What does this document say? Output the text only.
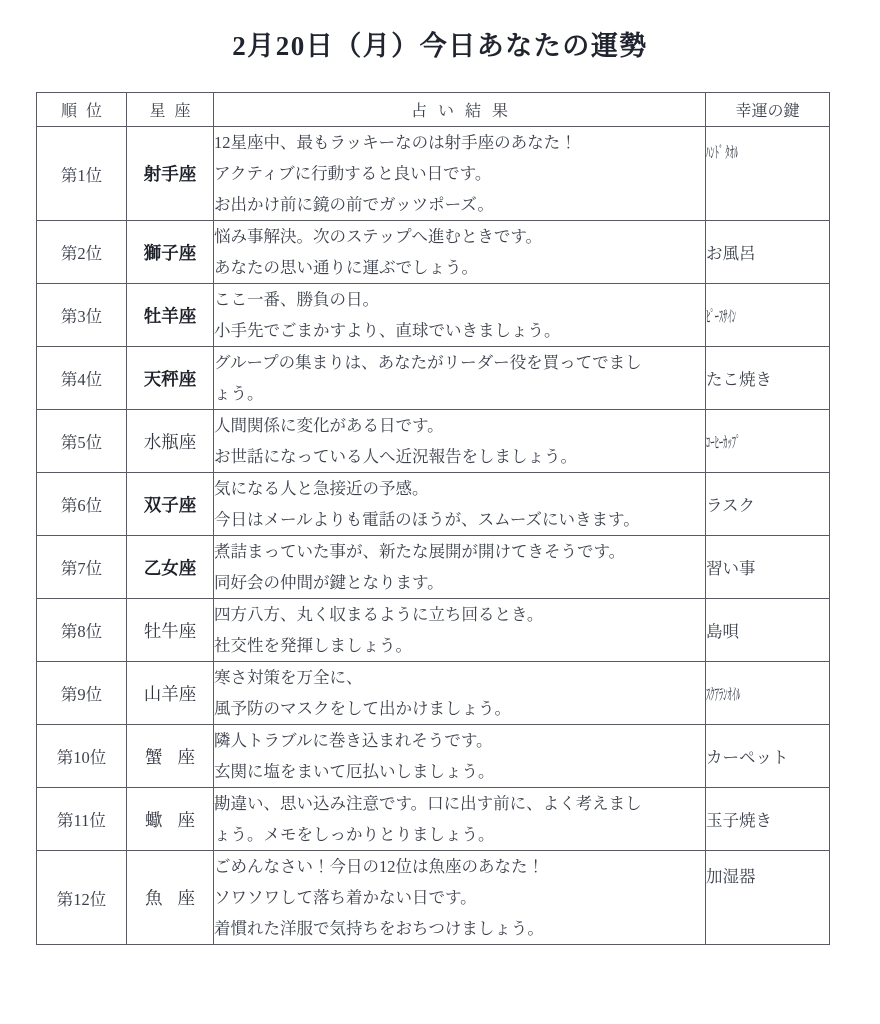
2月20日（月）今日あなたの運勢
順位	星座	占い結果	幸運の鍵
第1位	射手座	12星座中、最もラッキーなのは射手座のあなた！
アクティブに行動すると良い日です。
お出かけ前に鏡の前でガッツポーズ。	ﾊﾝﾄﾞ ﾀｵﾙ
第2位	獅子座	悩み事解決。次のステップへ進むときです。
あなたの思い通りに運ぶでしょう。	お風呂
第3位	牡羊座	ここ一番、勝負の日。
小手先でごまかすより、直球でいきましょう。	ﾋﾟｰｽｻｲﾝ
第4位	天秤座	グループの集まりは、あなたがリーダー役を買ってでまし
ょう。	たこ焼き
第5位	水瓶座	人間関係に変化がある日です。
お世話になっている人へ近況報告をしましょう。	ｺｰﾋｰｶｯﾌﾟ
第6位	双子座	気になる人と急接近の予感。
今日はメールよりも電話のほうが、スムーズにいきます。	ラスク
第7位	乙女座	煮詰まっていた事が、新たな展開が開けてきそうです。
同好会の仲間が鍵となります。	習い事
第8位	牡牛座	四方八方、丸く収まるように立ち回るとき。
社交性を発揮しましょう。	島唄
第9位	山羊座	寒さ対策を万全に、
風予防のマスクをして出かけましょう。	ｽｸｱﾗﾝｵｲﾙ
第10位	蟹 座	隣人トラブルに巻き込まれそうです。
玄関に塩をまいて厄払いしましょう。	カーペット
第11位	蠍 座	勘違い、思い込み注意です。口に出す前に、よく考えまし
ょう。メモをしっかりとりましょう。	玉子焼き
第12位	魚 座	ごめんなさい！今日の12位は魚座のあなた！
ソワソワして落ち着かない日です。
着慣れた洋服で気持ちをおちつけましょう。	加湿器
